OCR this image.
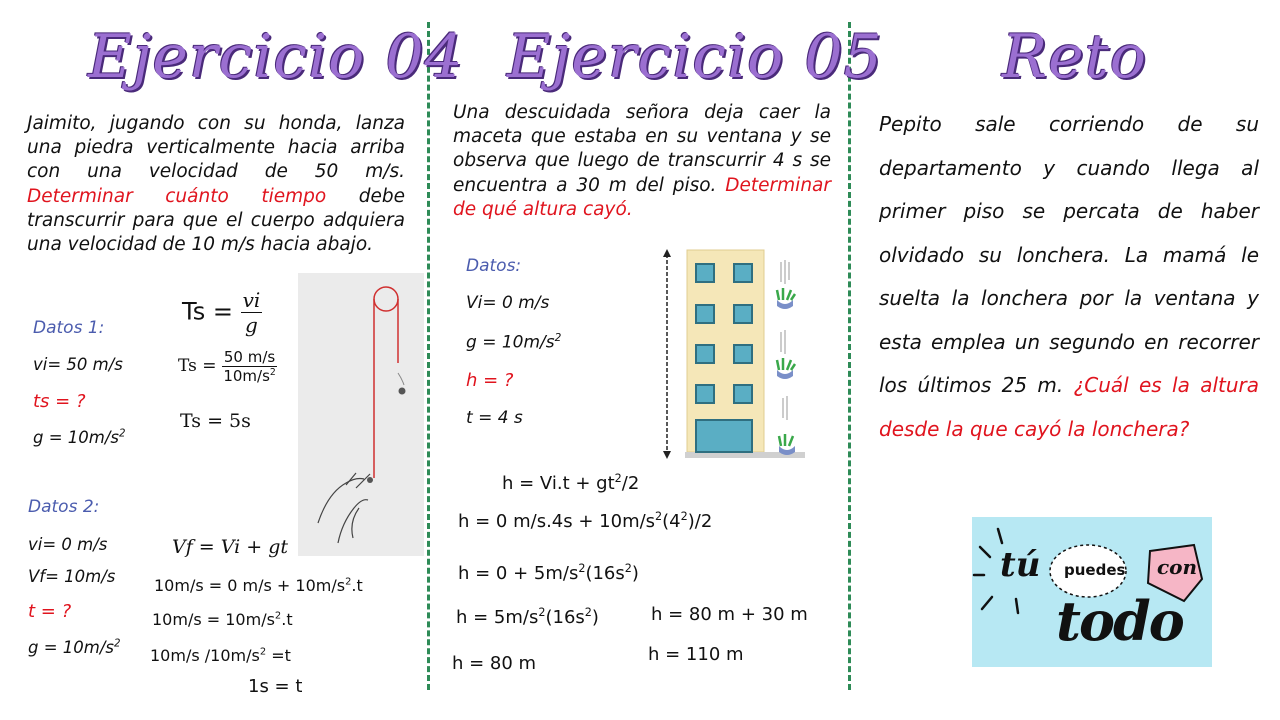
Ejercicio 04
Jaimito, jugando con su honda, lanza una piedra verticalmente hacia arriba con una velocidad de 50 m/s. Determinar cuánto tiempo debe transcurrir para que el cuerpo adquiera una velocidad de 10 m/s hacia abajo.
Datos 1:
vi= 50 m/s
ts = ?
$g = 10m/s^2$
$Ts = \frac{vi}{g}$
$Ts = \frac{50 m/s}{10m/s^2}$
Ts = 5s
Datos 2:
vi= 0 m/s
Vf= 10m/s
t = ?
$g = 10m/s^2$
Vf = Vi + gt
10m/s = 0 $m/s + 10m/s^2.t$
$10m/s = 10m/s^2.t$
10m/s $/10m/s^2 =t$
1s = t
Ejercicio 05
Una descuidada señora deja caer la maceta que estaba en su ventana y se observa que luego de transcurrir 4 s se encuentra a 30 m del piso. Determinar de qué altura cayó.
Datos:
Vi= 0 m/s
$g = 10m/s^2$
h = ?
t = 4 s
$h = Vi.t + gt^2/2$
h = 0 $m/s.4s + 10m/s^2(4^2)/2$
$h = 0 + 5m/s^2(16s^2)$
$h = 5m/s^2(16s^2)$
h = 80 m
h = 80 m + 30 m
h = 110 m
Reto
Pepito sale corriendo de su departamento y cuando llega al primer piso se percata de haber olvidado su lonchera. La mamá le suelta la lonchera por la ventana y esta emplea un segundo en recorrer los últimos 25 m. ¿Cuál es la altura desde la que cayó la lonchera?
tú puedes con
todo
